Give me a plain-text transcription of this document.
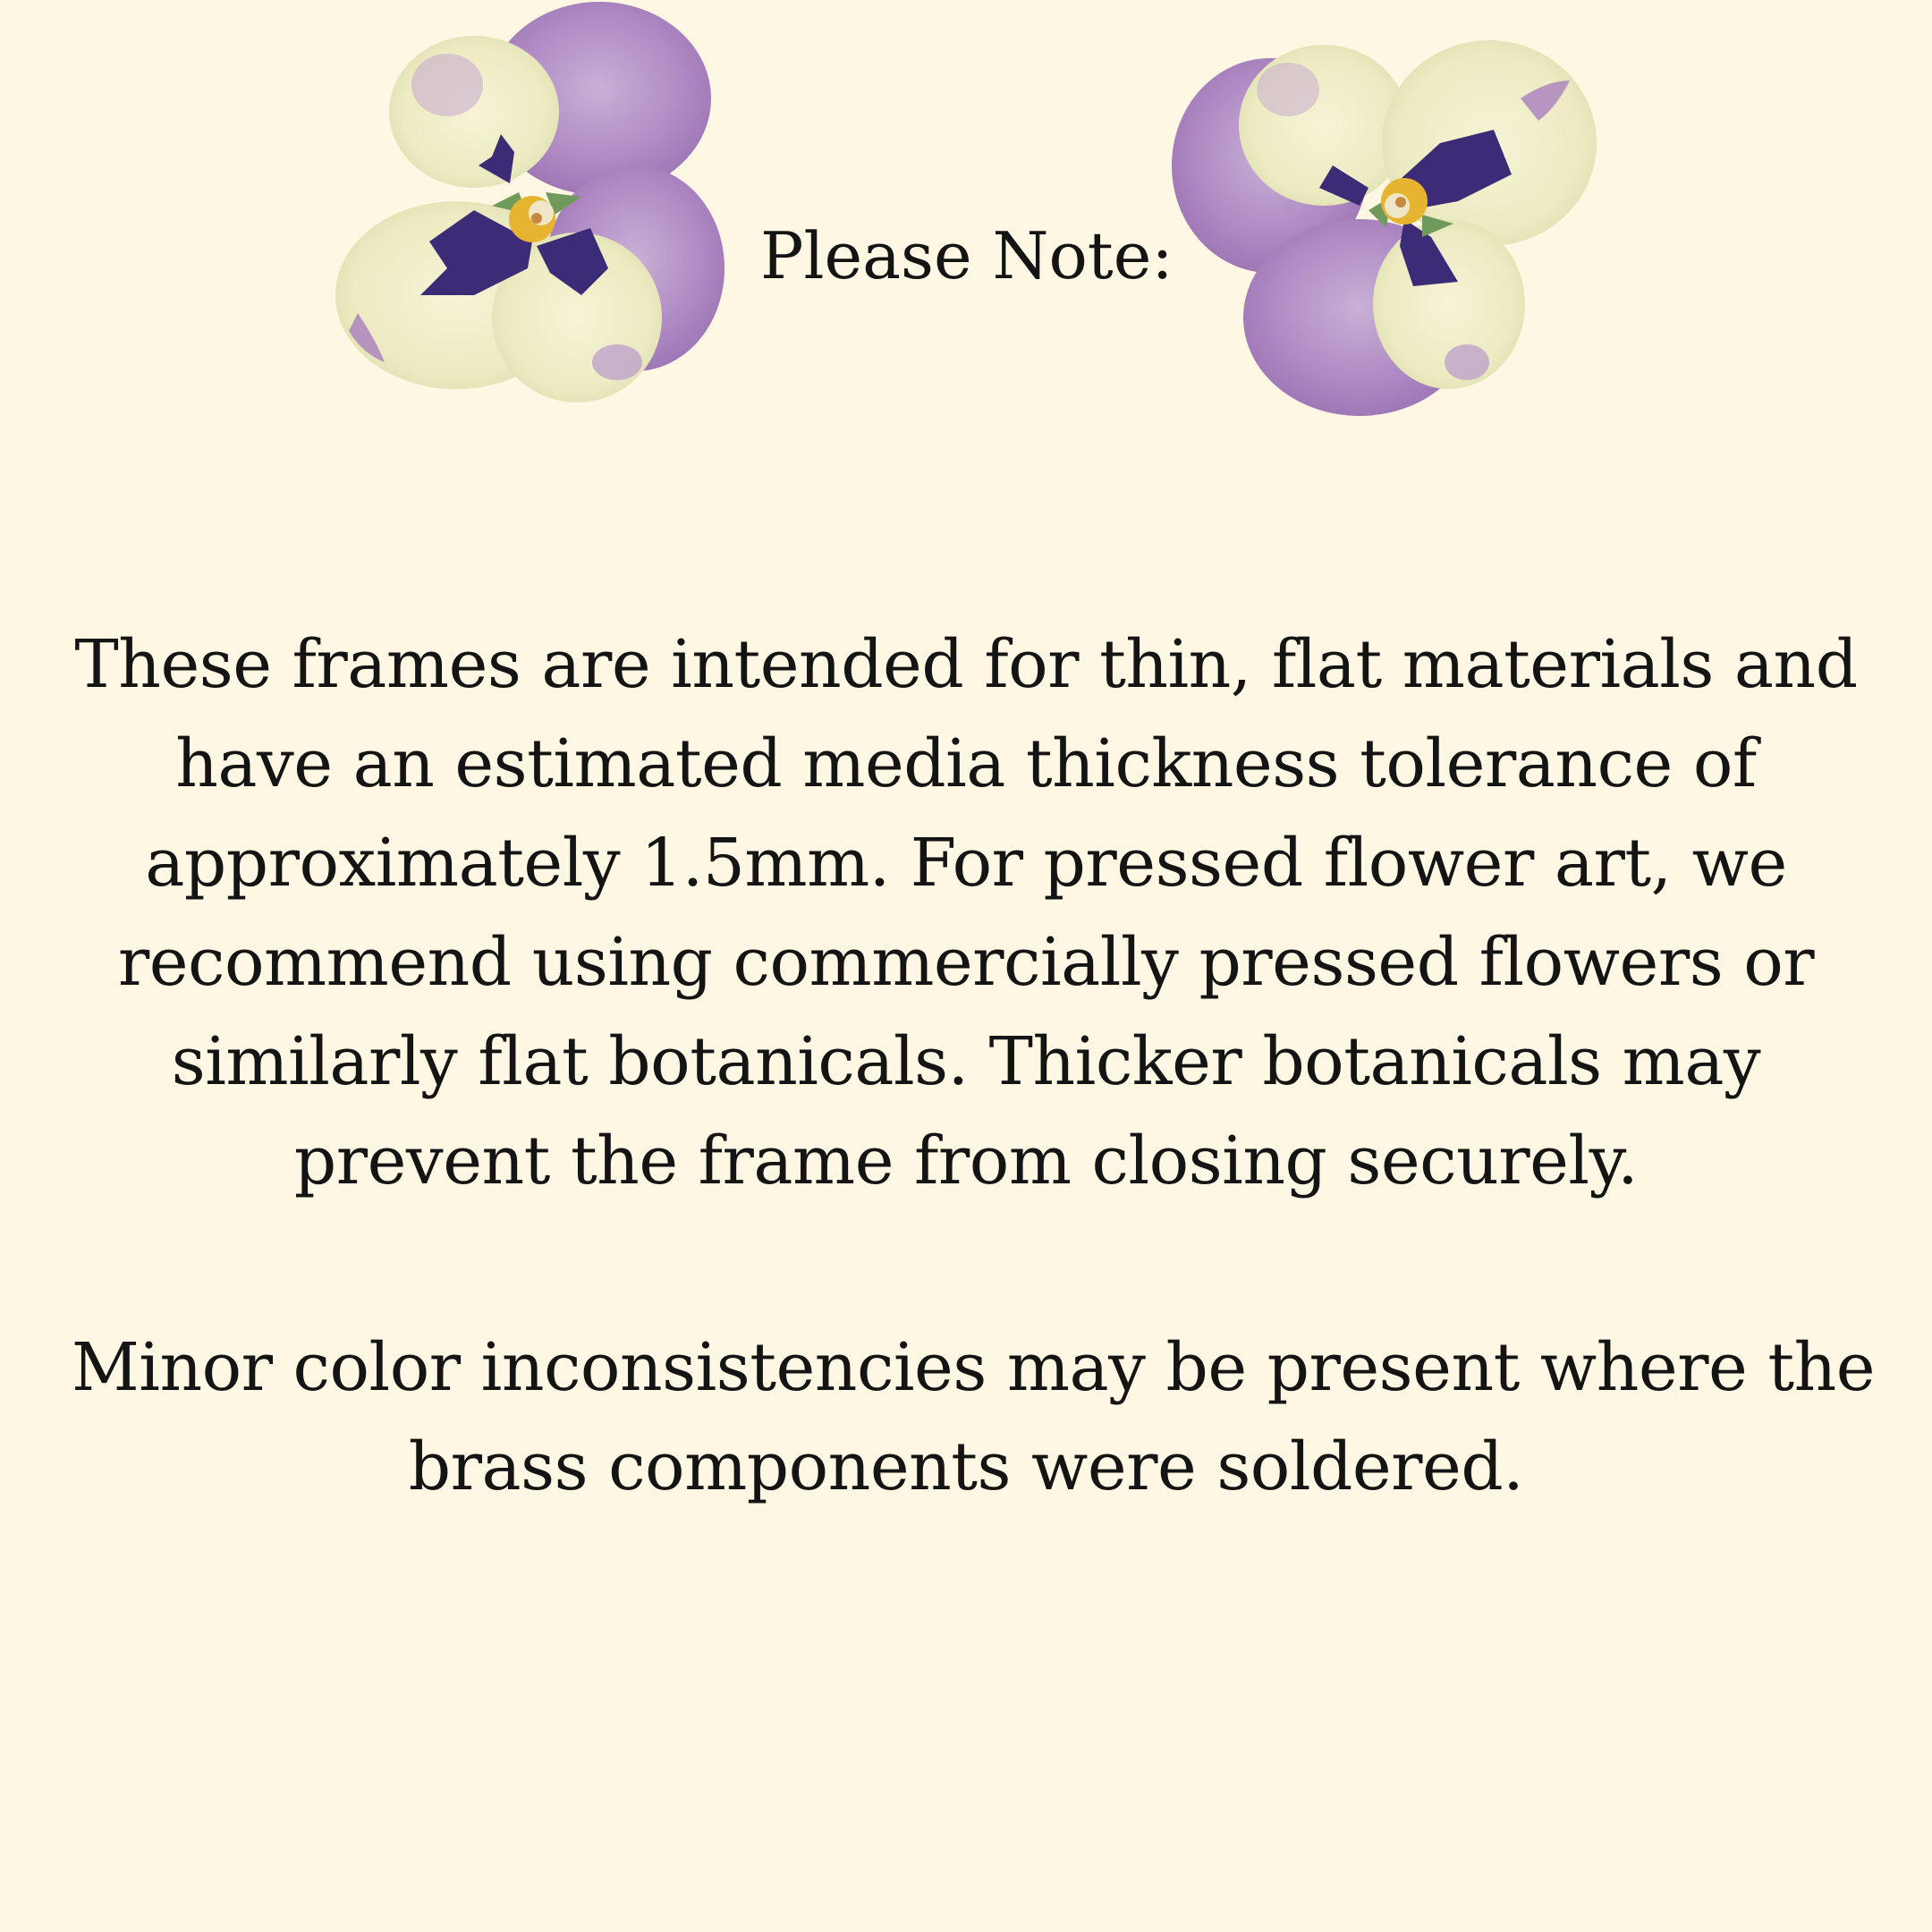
Please Note:

These frames are intended for thin, flat materials and
have an estimated media thickness tolerance of
approximately 1.5mm. For pressed flower art, we
recommend using commercially pressed flowers or
similarly flat botanicals. Thicker botanicals may
prevent the frame from closing securely.

Minor color inconsistencies may be present where the
brass components were soldered.
